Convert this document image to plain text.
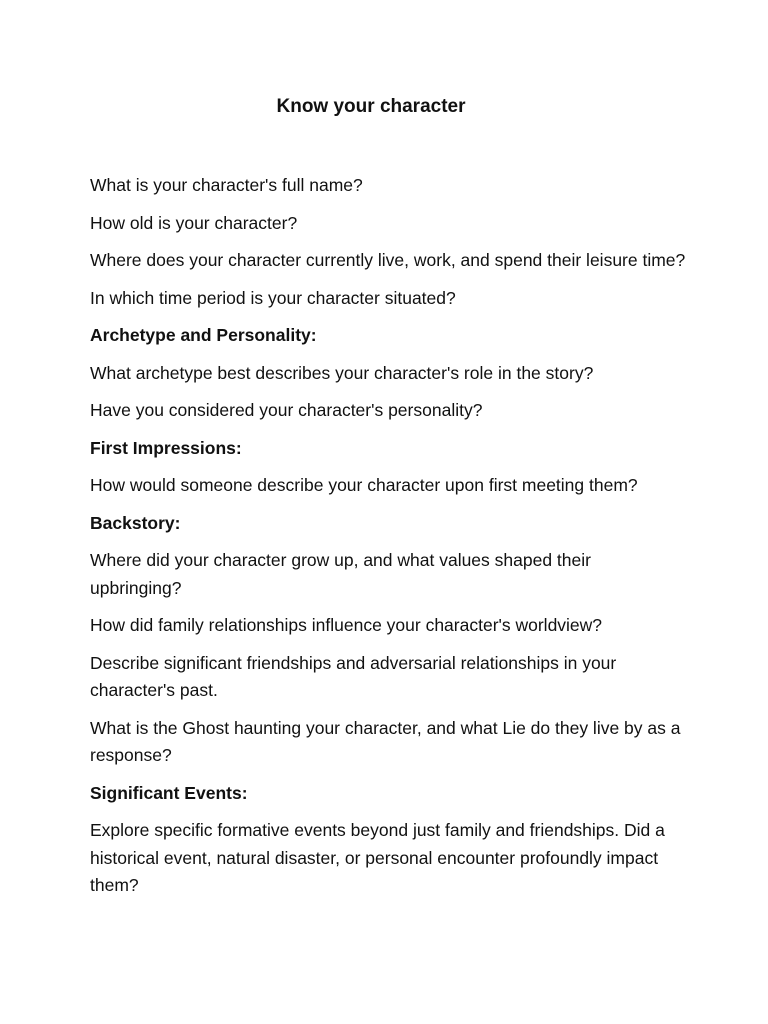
Know your character

What is your character's full name?

How old is your character?

Where does your character currently live, work, and spend their leisure time?

In which time period is your character situated?

Archetype and Personality:

What archetype best describes your character's role in the story?

Have you considered your character's personality?

First Impressions:

How would someone describe your character upon first meeting them?

Backstory:

Where did your character grow up, and what values shaped their upbringing?

How did family relationships influence your character's worldview?

Describe significant friendships and adversarial relationships in your character's past.

What is the Ghost haunting your character, and what Lie do they live by as a response?

Significant Events:

Explore specific formative events beyond just family and friendships. Did a historical event, natural disaster, or personal encounter profoundly impact them?
